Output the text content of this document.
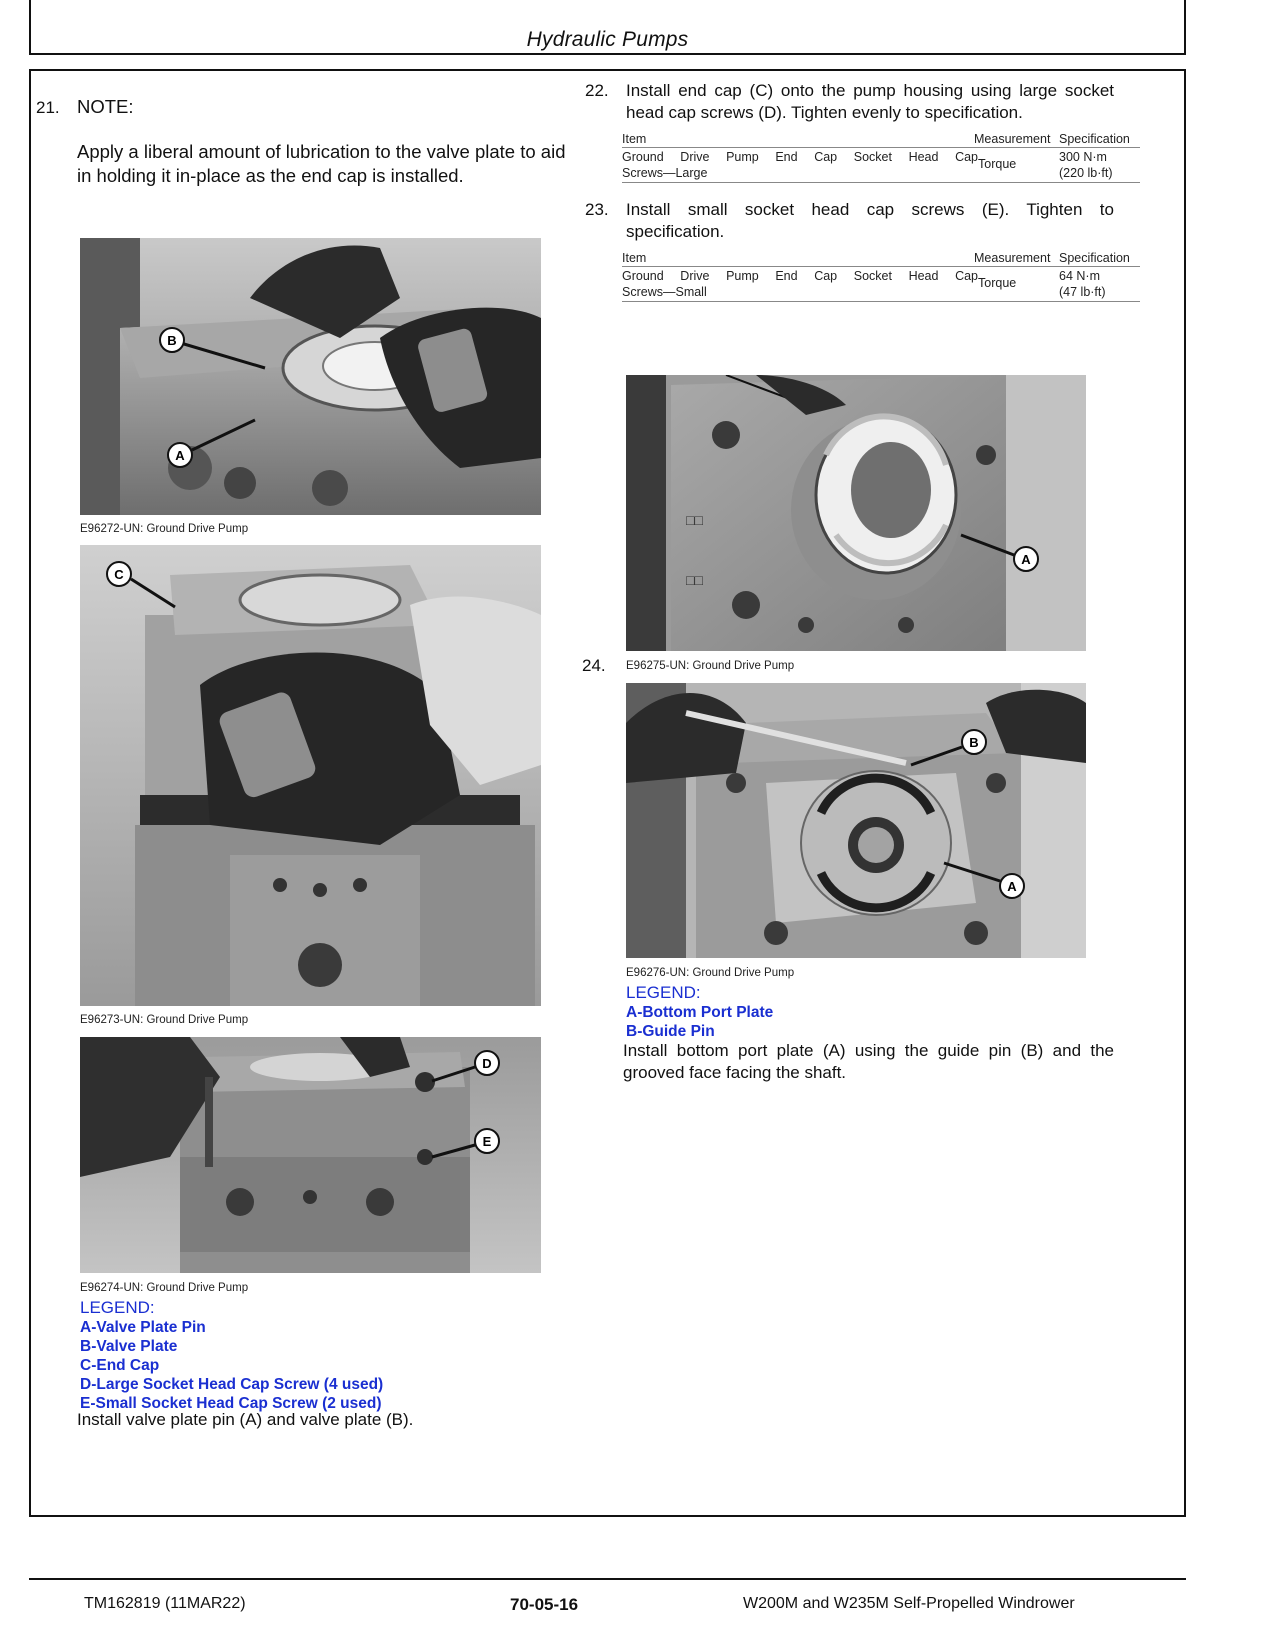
Hydraulic Pumps
21. NOTE:
Apply a liberal amount of lubrication to the valve plate to aid in holding it in-place as the end cap is installed.
B
A
E96272-UN: Ground Drive Pump
C
E96273-UN: Ground Drive Pump
D
E
E96274-UN: Ground Drive Pump
LEGEND:
A-Valve Plate Pin
B-Valve Plate
C-End Cap
D-Large Socket Head Cap Screw (4 used)
E-Small Socket Head Cap Screw (2 used)
Install valve plate pin (A) and valve plate (B).
22. Install end cap (C) onto the pump housing using large socket head cap screws (D). Tighten evenly to specification.
Item	Measurement Specification
Ground Drive Pump End Cap Socket Head Cap
Screws—Large
Torque	300 N·m
(220 lb·ft)
23. Install small socket head cap screws (E). Tighten to specification.
Item	Measurement Specification
Ground Drive Pump End Cap Socket Head Cap
Screws—Small
Torque	64 N·m
(47 lb·ft)
□□
□□
A
24. E96275-UN: Ground Drive Pump
B
A
E96276-UN: Ground Drive Pump
LEGEND:
A-Bottom Port Plate
B-Guide Pin
Install bottom port plate (A) using the guide pin (B) and the grooved face facing the shaft.
TM162819 (11MAR22)	70-05-16	W200M and W235M Self-Propelled Windrower
